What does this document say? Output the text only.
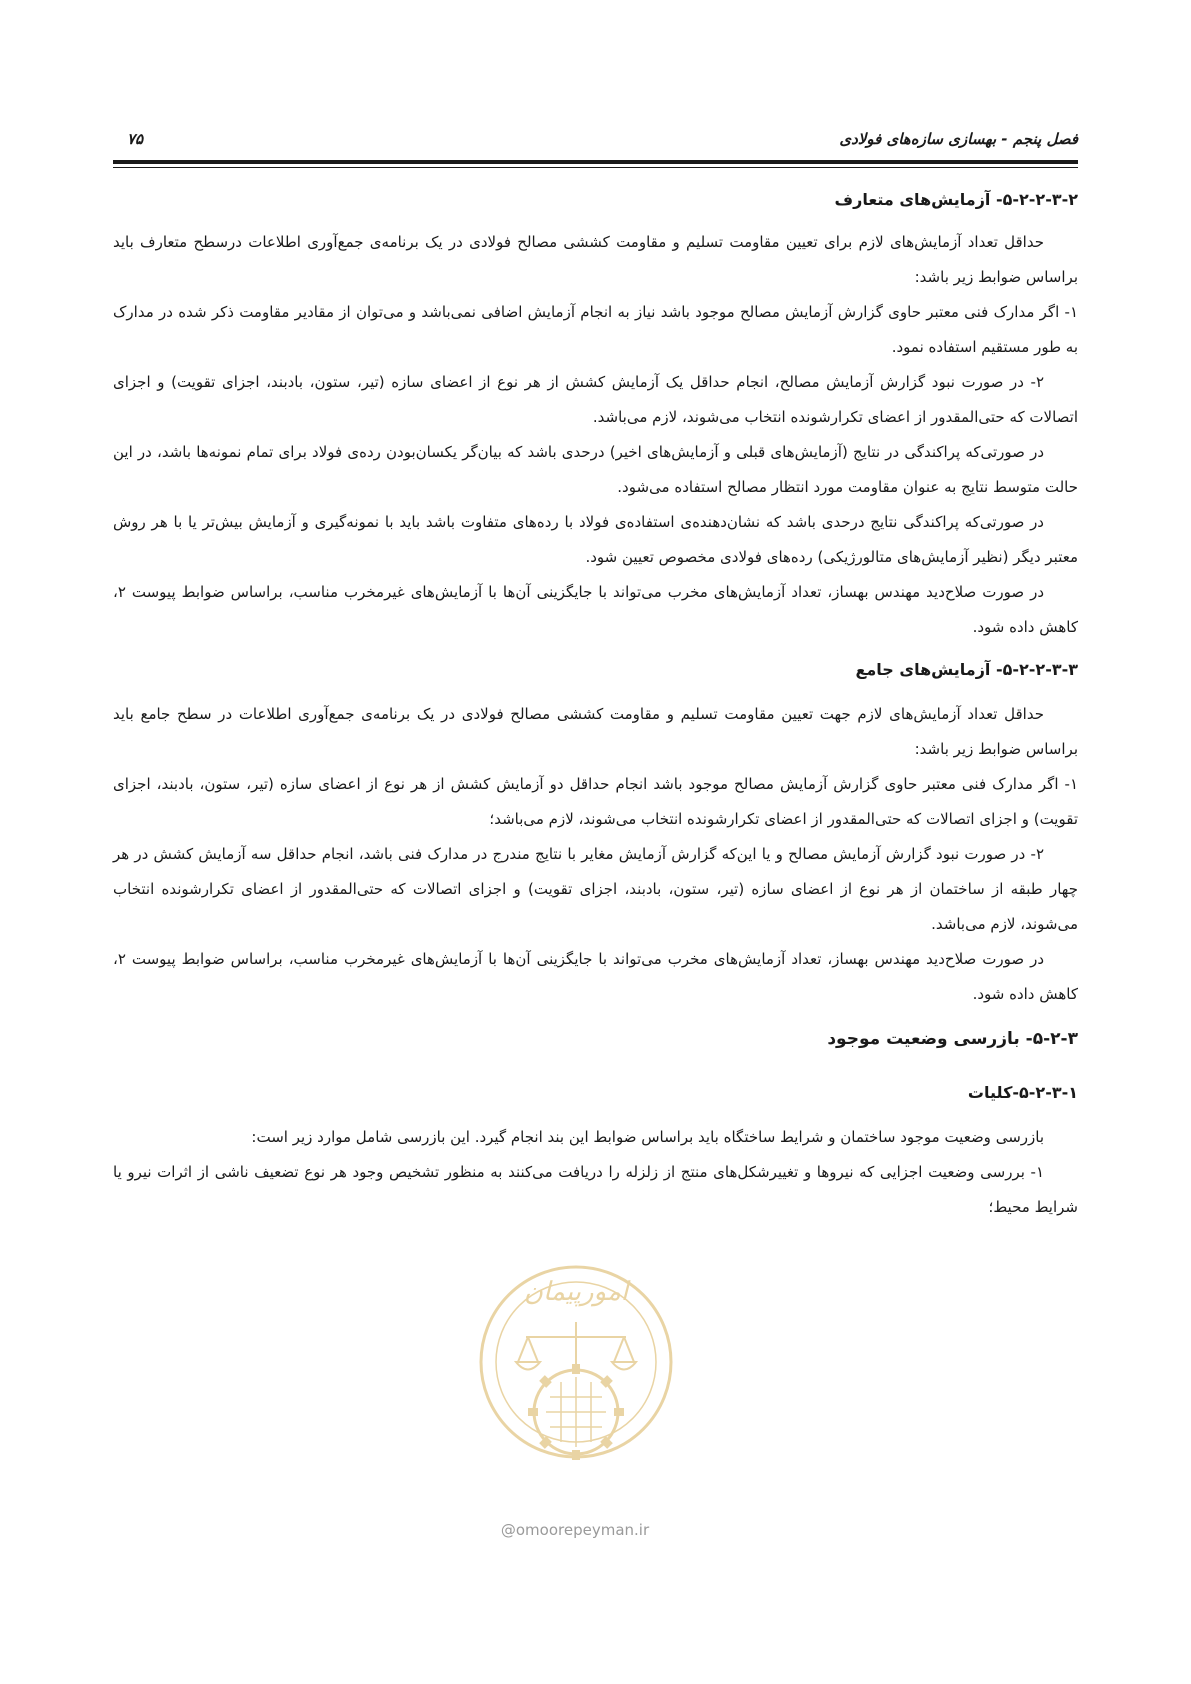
فصل پنجم - بهسازی سازه‌های فولادی
۷۵
۵-۲-۲-۳-۲- آزمایش‌های متعارف

حداقل تعداد آزمایش‌های لازم برای تعیین مقاومت تسلیم و مقاومت کششی مصالح فولادی در یک برنامه‌ی جمع‌آوری اطلاعات درسطح متعارف باید براساس ضوابط زیر باشد:

۱- اگر مدارک فنی معتبر حاوی گزارش آزمایش مصالح موجود باشد نیاز به انجام آزمایش اضافی نمی‌باشد و می‌توان از مقادیر مقاومت ذکر شده در مدارک به طور مستقیم استفاده نمود.

۲- در صورت نبود گزارش آزمایش مصالح، انجام حداقل یک آزمایش کشش از هر نوع از اعضای سازه (تیر، ستون، بادبند، اجزای تقویت) و اجزای اتصالات که حتی‌المقدور از اعضای تکرارشونده انتخاب می‌شوند، لازم می‌باشد.

در صورتی‌که پراکندگی در نتایج (آزمایش‌های قبلی و آزمایش‌های اخیر) درحدی باشد که بیان‌گر یکسان‌بودن رده‌ی فولاد برای تمام نمونه‌ها باشد، در این حالت متوسط نتایج به عنوان مقاومت مورد انتظار مصالح استفاده می‌شود.

در صورتی‌که پراکندگی نتایج درحدی باشد که نشان‌دهنده‌ی استفاده‌ی فولاد با رده‌های متفاوت باشد باید با نمونه‌گیری و آزمایش بیش‌تر یا با هر روش معتبر دیگر (نظیر آزمایش‌های متالورژیکی) رده‌های فولادی مخصوص تعیین شود.

در صورت صلاح‌دید مهندس بهساز، تعداد آزمایش‌های مخرب می‌تواند با جایگزینی آن‌ها با آزمایش‌های غیرمخرب مناسب، براساس ضوابط پیوست ۲، کاهش داده شود.

۵-۲-۲-۳-۳- آزمایش‌های جامع

حداقل تعداد آزمایش‌های لازم جهت تعیین مقاومت تسلیم و مقاومت کششی مصالح فولادی در یک برنامه‌ی جمع‌آوری اطلاعات در سطح جامع باید براساس ضوابط زیر باشد:

۱- اگر مدارک فنی معتبر حاوی گزارش آزمایش مصالح موجود باشد انجام حداقل دو آزمایش کشش از هر نوع از اعضای سازه (تیر، ستون، بادبند، اجزای تقویت) و اجزای اتصالات که حتی‌المقدور از اعضای تکرارشونده انتخاب می‌شوند، لازم می‌باشد؛

۲- در صورت نبود گزارش آزمایش مصالح و یا این‌که گزارش آزمایش مغایر با نتایج مندرج در مدارک فنی باشد، انجام حداقل سه آزمایش کشش در هر چهار طبقه از ساختمان از هر نوع از اعضای سازه (تیر، ستون، بادبند، اجزای تقویت) و اجزای اتصالات که حتی‌المقدور از اعضای تکرارشونده انتخاب می‌شوند، لازم می‌باشد.

در صورت صلاح‌دید مهندس بهساز، تعداد آزمایش‌های مخرب می‌تواند با جایگزینی آن‌ها با آزمایش‌های غیرمخرب مناسب، براساس ضوابط پیوست ۲، کاهش داده شود.

۵-۲-۳- بازرسی وضعیت موجود
۵-۲-۳-۱-کلیات

بازرسی وضعیت موجود ساختمان و شرایط ساختگاه باید براساس ضوابط این بند انجام گیرد. این بازرسی شامل موارد زیر است:

۱- بررسی وضعیت اجزایی که نیروها و تغییرشکل‌های منتج از زلزله را دریافت می‌کنند به منظور تشخیص وجود هر نوع تضعیف ناشی از اثرات نیرو یا شرایط محیط؛

امورپیمان
@omoorepeyman.ir
